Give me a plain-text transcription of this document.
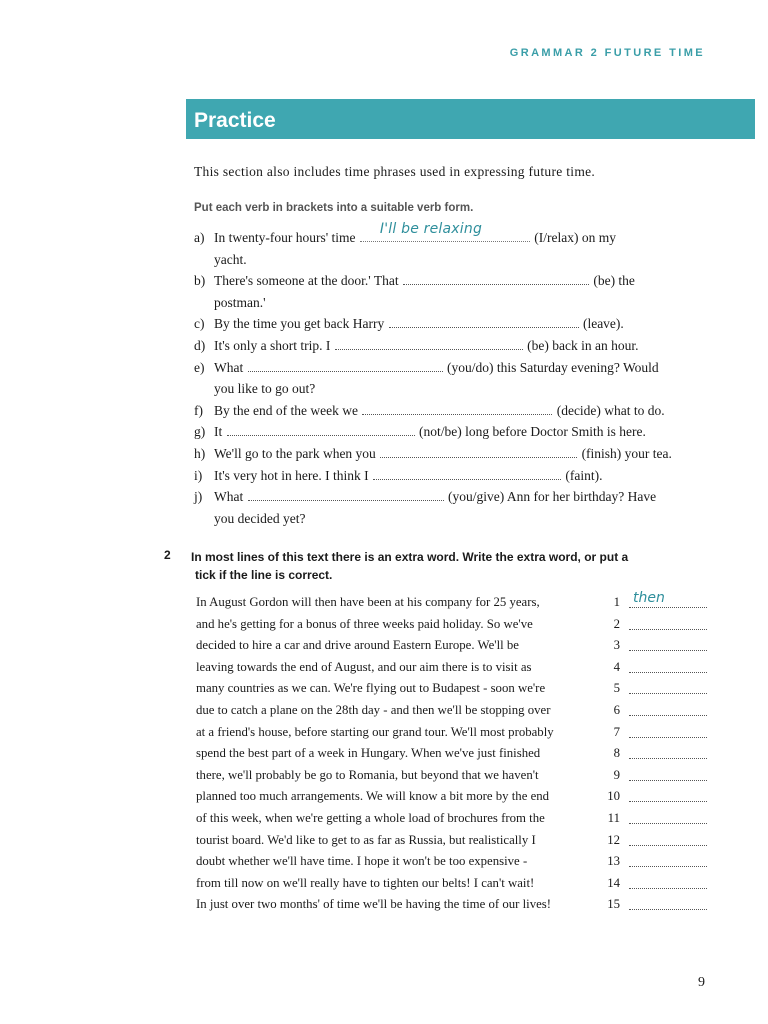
GRAMMAR 2 FUTURE TIME
Practice
This section also includes time phrases used in expressing future time.
Put each verb in brackets into a suitable verb form.
a) In twenty-four hours' time
I'll be relaxing
(I/relax) on my
yacht.
b) There's someone at the door.' That	(be) the
postman.'
c) By the time you get back Harry	(leave).
d) It's only a short trip. I	(be) back in an hour.
e) What	(you/do) this Saturday evening? Would
you like to go out?
f) By the end of the week we	(decide) what to do.
g) It	(not/be) long before Doctor Smith is here.
h) We'll go to the park when you	(finish) your tea.
i) It's very hot in here. I think I	(faint).
j) What	(you/give) Ann for her birthday? Have
you decided yet?
2 In most lines of this text there is an extra word. Write the extra word, or put a
tick if the line is correct.
In August Gordon will then have been at his company for 25 years,	1 then
and he's getting for a bonus of three weeks paid holiday. So we've	2
decided to hire a car and drive around Eastern Europe. We'll be	3
leaving towards the end of August, and our aim there is to visit as	4
many countries as we can. We're flying out to Budapest - soon we're	5
due to catch a plane on the 28th day - and then we'll be stopping over	6
at a friend's house, before starting our grand tour. We'll most probably	7
spend the best part of a week in Hungary. When we've just finished	8
there, we'll probably be go to Romania, but beyond that we haven't	9
planned too much arrangements. We will know a bit more by the end	10
of this week, when we're getting a whole load of brochures from the	11
tourist board. We'd like to get to as far as Russia, but realistically I	12
doubt whether we'll have time. I hope it won't be too expensive -	13
from till now on we'll really have to tighten our belts! I can't wait!	14
In just over two months' of time we'll be having the time of our lives!	15
9
